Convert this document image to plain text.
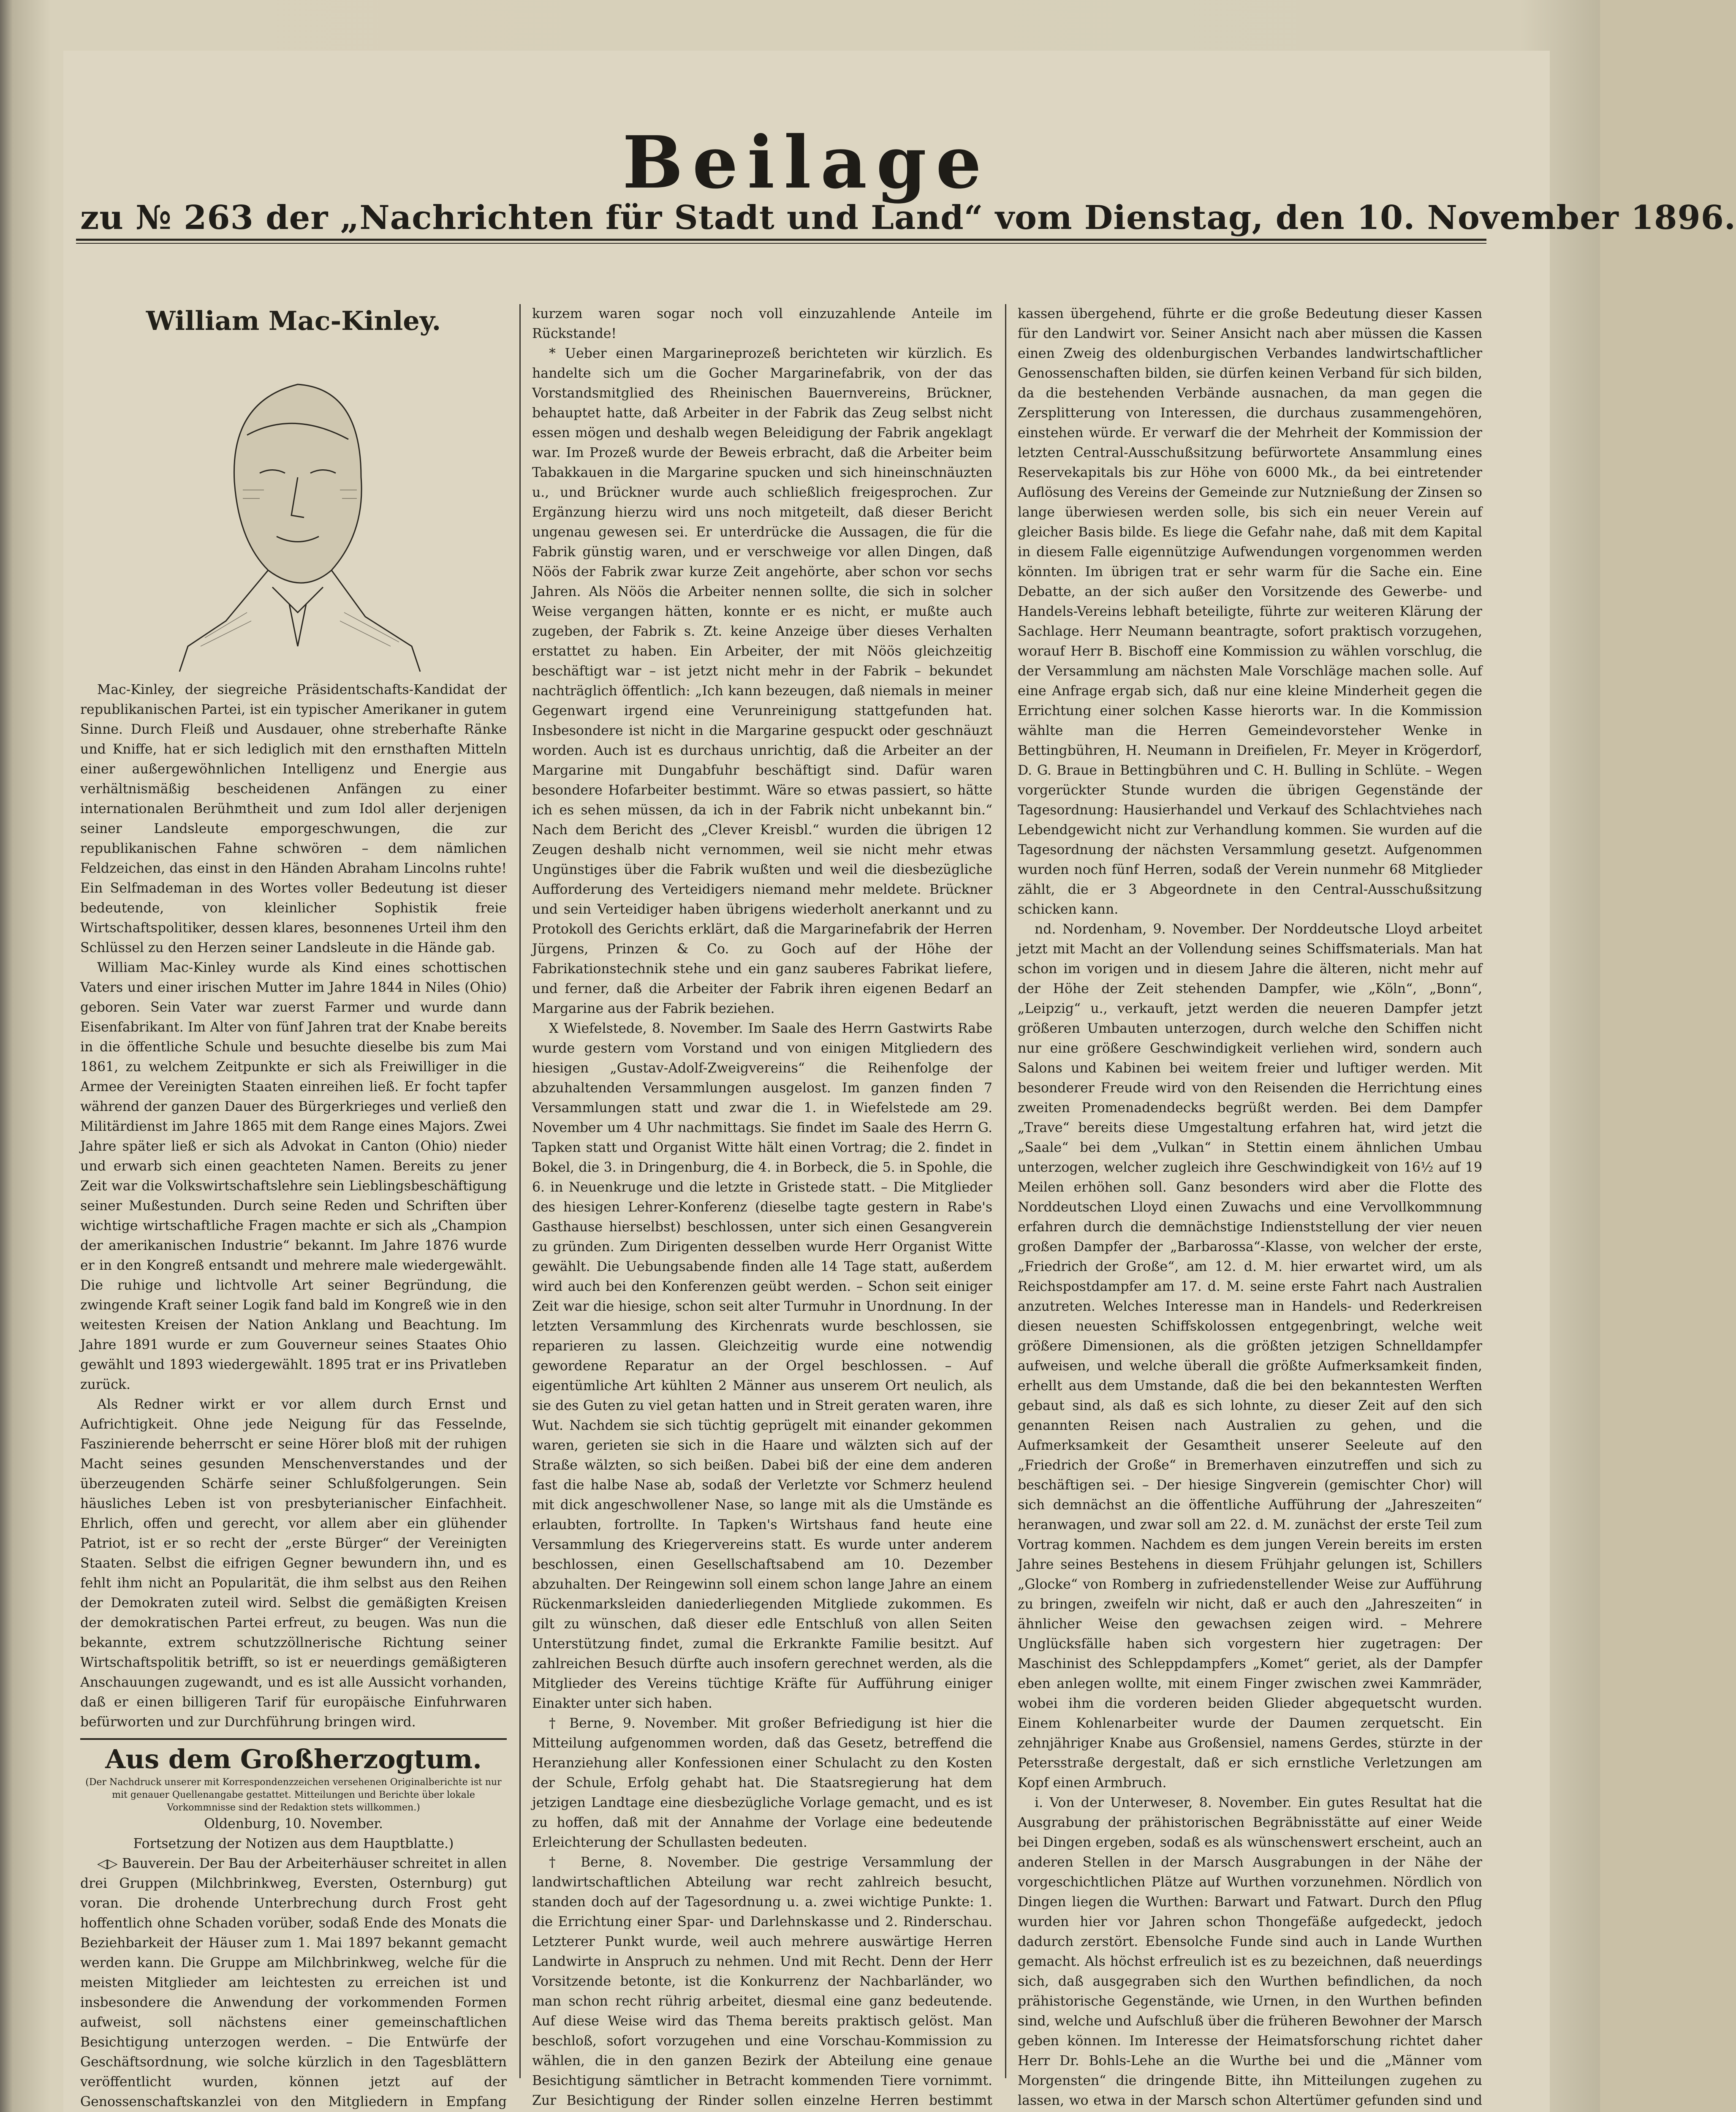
Beilage
zu № 263 der „Nachrichten für Stadt und Land“ vom Dienstag, den 10. November 1896.
William Mac-Kinley.

Mac-Kinley, der siegreiche Präsidentschafts-Kandidat der republikanischen Partei, ist ein typischer Amerikaner in gutem Sinne. Durch Fleiß und Ausdauer, ohne streberhafte Ränke und Kniffe, hat er sich lediglich mit den ernsthaften Mitteln einer außergewöhnlichen Intelligenz und Energie aus verhältnismäßig bescheidenen Anfängen zu einer internationalen Berühmtheit und zum Idol aller derjenigen seiner Landsleute emporgeschwungen, die zur republikanischen Fahne schwören – dem nämlichen Feldzeichen, das einst in den Händen Abraham Lincolns ruhte! Ein Selfmademan in des Wortes voller Bedeutung ist dieser bedeutende, von kleinlicher Sophistik freie Wirtschaftspolitiker, dessen klares, besonnenes Urteil ihm den Schlüssel zu den Herzen seiner Landsleute in die Hände gab.

William Mac-Kinley wurde als Kind eines schottischen Vaters und einer irischen Mutter im Jahre 1844 in Niles (Ohio) geboren. Sein Vater war zuerst Farmer und wurde dann Eisenfabrikant. Im Alter von fünf Jahren trat der Knabe bereits in die öffentliche Schule und besuchte dieselbe bis zum Mai 1861, zu welchem Zeitpunkte er sich als Freiwilliger in die Armee der Vereinigten Staaten einreihen ließ. Er focht tapfer während der ganzen Dauer des Bürgerkrieges und verließ den Militärdienst im Jahre 1865 mit dem Range eines Majors. Zwei Jahre später ließ er sich als Advokat in Canton (Ohio) nieder und erwarb sich einen geachteten Namen. Bereits zu jener Zeit war die Volkswirtschaftslehre sein Lieblingsbeschäftigung seiner Mußestunden. Durch seine Reden und Schriften über wichtige wirtschaftliche Fragen machte er sich als „Champion der amerikanischen Industrie“ bekannt. Im Jahre 1876 wurde er in den Kongreß entsandt und mehrere male wiedergewählt. Die ruhige und lichtvolle Art seiner Begründung, die zwingende Kraft seiner Logik fand bald im Kongreß wie in den weitesten Kreisen der Nation Anklang und Beachtung. Im Jahre 1891 wurde er zum Gouverneur seines Staates Ohio gewählt und 1893 wiedergewählt. 1895 trat er ins Privatleben zurück.

Als Redner wirkt er vor allem durch Ernst und Aufrichtigkeit. Ohne jede Neigung für das Fesselnde, Faszinierende beherrscht er seine Hörer bloß mit der ruhigen Macht seines gesunden Menschenverstandes und der überzeugenden Schärfe seiner Schlußfolgerungen. Sein häusliches Leben ist von presbyterianischer Einfachheit. Ehrlich, offen und gerecht, vor allem aber ein glühender Patriot, ist er so recht der „erste Bürger“ der Vereinigten Staaten. Selbst die eifrigen Gegner bewundern ihn, und es fehlt ihm nicht an Popularität, die ihm selbst aus den Reihen der Demokraten zuteil wird. Selbst die gemäßigten Kreisen der demokratischen Partei erfreut, zu beugen. Was nun die bekannte, extrem schutzzöllnerische Richtung seiner Wirtschaftspolitik betrifft, so ist er neuerdings gemäßigteren Anschauungen zugewandt, und es ist alle Aussicht vorhanden, daß er einen billigeren Tarif für europäische Einfuhrwaren befürworten und zur Durchführung bringen wird.

Aus dem Großherzogtum.
(Der Nachdruck unserer mit Korrespondenzzeichen versehenen Originalberichte ist nur mit genauer Quellenangabe gestattet. Mitteilungen und Berichte über lokale Vorkommnisse sind der Redaktion stets willkommen.)
Oldenburg, 10. November.
Fortsetzung der Notizen aus dem Hauptblatte.)

◁▷ Bauverein. Der Bau der Arbeiterhäuser schreitet in allen drei Gruppen (Milchbrinkweg, Eversten, Osternburg) gut voran. Die drohende Unterbrechung durch Frost geht hoffentlich ohne Schaden vorüber, sodaß Ende des Monats die Beziehbarkeit der Häuser zum 1. Mai 1897 bekannt gemacht werden kann. Die Gruppe am Milchbrinkweg, welche für die meisten Mitglieder am leichtesten zu erreichen ist und insbesondere die Anwendung der vorkommenden Formen aufweist, soll nächstens einer gemeinschaftlichen Besichtigung unterzogen werden. – Die Entwürfe der Geschäftsordnung, wie solche kürzlich in den Tagesblättern veröffentlicht wurden, können jetzt auf der Genossenschaftskanzlei von den Mitgliedern in Empfang

kurzem waren sogar noch voll einzuzahlende Anteile im Rückstande!

* Ueber einen Margarineprozeß berichteten wir kürzlich. Es handelte sich um die Gocher Margarinefabrik, von der das Vorstandsmitglied des Rheinischen Bauernvereins, Brückner, behauptet hatte, daß Arbeiter in der Fabrik das Zeug selbst nicht essen mögen und deshalb wegen Beleidigung der Fabrik angeklagt war. Im Prozeß wurde der Beweis erbracht, daß die Arbeiter beim Tabakkauen in die Margarine spucken und sich hineinschnäuzten u., und Brückner wurde auch schließlich freigesprochen. Zur Ergänzung hierzu wird uns noch mitgeteilt, daß dieser Bericht ungenau gewesen sei. Er unterdrücke die Aussagen, die für die Fabrik günstig waren, und er verschweige vor allen Dingen, daß Nöös der Fabrik zwar kurze Zeit angehörte, aber schon vor sechs Jahren. Als Nöös die Arbeiter nennen sollte, die sich in solcher Weise vergangen hätten, konnte er es nicht, er mußte auch zugeben, der Fabrik s. Zt. keine Anzeige über dieses Verhalten erstattet zu haben. Ein Arbeiter, der mit Nöös gleichzeitig beschäftigt war – ist jetzt nicht mehr in der Fabrik – bekundet nachträglich öffentlich: „Ich kann bezeugen, daß niemals in meiner Gegenwart irgend eine Verunreinigung stattgefunden hat. Insbesondere ist nicht in die Margarine gespuckt oder geschnäuzt worden. Auch ist es durchaus unrichtig, daß die Arbeiter an der Margarine mit Dungabfuhr beschäftigt sind. Dafür waren besondere Hofarbeiter bestimmt. Wäre so etwas passiert, so hätte ich es sehen müssen, da ich in der Fabrik nicht unbekannt bin.“ Nach dem Bericht des „Clever Kreisbl.“ wurden die übrigen 12 Zeugen deshalb nicht vernommen, weil sie nicht mehr etwas Ungünstiges über die Fabrik wußten und weil die diesbezügliche Aufforderung des Verteidigers niemand mehr meldete. Brückner und sein Verteidiger haben übrigens wiederholt anerkannt und zu Protokoll des Gerichts erklärt, daß die Margarinefabrik der Herren Jürgens, Prinzen & Co. zu Goch auf der Höhe der Fabrikationstechnik stehe und ein ganz sauberes Fabrikat liefere, und ferner, daß die Arbeiter der Fabrik ihren eigenen Bedarf an Margarine aus der Fabrik beziehen.

X Wiefelstede, 8. November. Im Saale des Herrn Gastwirts Rabe wurde gestern vom Vorstand und von einigen Mitgliedern des hiesigen „Gustav-Adolf-Zweigvereins“ die Reihenfolge der abzuhaltenden Versammlungen ausgelost. Im ganzen finden 7 Versammlungen statt und zwar die 1. in Wiefelstede am 29. November um 4 Uhr nachmittags. Sie findet im Saale des Herrn G. Tapken statt und Organist Witte hält einen Vortrag; die 2. findet in Bokel, die 3. in Dringenburg, die 4. in Borbeck, die 5. in Spohle, die 6. in Neuenkruge und die letzte in Gristede statt. – Die Mitglieder des hiesigen Lehrer-Konferenz (dieselbe tagte gestern in Rabe's Gasthause hierselbst) beschlossen, unter sich einen Gesangverein zu gründen. Zum Dirigenten desselben wurde Herr Organist Witte gewählt. Die Uebungsabende finden alle 14 Tage statt, außerdem wird auch bei den Konferenzen geübt werden. – Schon seit einiger Zeit war die hiesige, schon seit alter Turmuhr in Unordnung. In der letzten Versammlung des Kirchenrats wurde beschlossen, sie reparieren zu lassen. Gleichzeitig wurde eine notwendig gewordene Reparatur an der Orgel beschlossen. – Auf eigentümliche Art kühlten 2 Männer aus unserem Ort neulich, als sie des Guten zu viel getan hatten und in Streit geraten waren, ihre Wut. Nachdem sie sich tüchtig geprügelt mit einander gekommen waren, gerieten sie sich in die Haare und wälzten sich auf der Straße wälzten, so sich beißen. Dabei biß der eine dem anderen fast die halbe Nase ab, sodaß der Verletzte vor Schmerz heulend mit dick angeschwollener Nase, so lange mit als die Umstände es erlaubten, fortrollte. In Tapken's Wirtshaus fand heute eine Versammlung des Kriegervereins statt. Es wurde unter anderem beschlossen, einen Gesellschaftsabend am 10. Dezember abzuhalten. Der Reingewinn soll einem schon lange Jahre an einem Rückenmarksleiden daniederliegenden Mitgliede zukommen. Es gilt zu wünschen, daß dieser edle Entschluß von allen Seiten Unterstützung findet, zumal die Erkrankte Familie besitzt. Auf zahlreichen Besuch dürfte auch insofern gerechnet werden, als die Mitglieder des Vereins tüchtige Kräfte für Aufführung einiger Einakter unter sich haben.

† Berne, 9. November. Mit großer Befriedigung ist hier die Mitteilung aufgenommen worden, daß das Gesetz, betreffend die Heranziehung aller Konfessionen einer Schulacht zu den Kosten der Schule, Erfolg gehabt hat. Die Staatsregierung hat dem jetzigen Landtage eine diesbezügliche Vorlage gemacht, und es ist zu hoffen, daß mit der Annahme der Vorlage eine bedeutende Erleichterung der Schullasten bedeuten.

† Berne, 8. November. Die gestrige Versammlung der landwirtschaftlichen Abteilung war recht zahlreich besucht, standen doch auf der Tagesordnung u. a. zwei wichtige Punkte: 1. die Errichtung einer Spar- und Darlehnskasse und 2. Rinderschau. Letzterer Punkt wurde, weil auch mehrere auswärtige Herren Landwirte in Anspruch zu nehmen. Und mit Recht. Denn der Herr Vorsitzende betonte, ist die Konkurrenz der Nachbarländer, wo man schon recht rührig arbeitet, diesmal eine ganz bedeutende. Auf diese Weise wird das Thema bereits praktisch gelöst. Man beschloß, sofort vorzugehen und eine Vorschau-Kommission zu wählen, die in den ganzen Bezirk der Abteilung eine genaue Besichtigung sämtlicher in Betracht kommenden Tiere vornimmt. Zur Besichtigung der Rinder sollen einzelne Herren bestimmt

kassen übergehend, führte er die große Bedeutung dieser Kassen für den Landwirt vor. Seiner Ansicht nach aber müssen die Kassen einen Zweig des oldenburgischen Verbandes landwirtschaftlicher Genossenschaften bilden, sie dürfen keinen Verband für sich bilden, da die bestehenden Verbände ausnachen, da man gegen die Zersplitterung von Interessen, die durchaus zusammengehören, einstehen würde. Er verwarf die der Mehrheit der Kommission der letzten Central-Ausschußsitzung befürwortete Ansammlung eines Reservekapitals bis zur Höhe von 6000 Mk., da bei eintretender Auflösung des Vereins der Gemeinde zur Nutznießung der Zinsen so lange überwiesen werden solle, bis sich ein neuer Verein auf gleicher Basis bilde. Es liege die Gefahr nahe, daß mit dem Kapital in diesem Falle eigennützige Aufwendungen vorgenommen werden könnten. Im übrigen trat er sehr warm für die Sache ein. Eine Debatte, an der sich außer den Vorsitzende des Gewerbe- und Handels-Vereins lebhaft beteiligte, führte zur weiteren Klärung der Sachlage. Herr Neumann beantragte, sofort praktisch vorzugehen, worauf Herr B. Bischoff eine Kommission zu wählen vorschlug, die der Versammlung am nächsten Male Vorschläge machen solle. Auf eine Anfrage ergab sich, daß nur eine kleine Minderheit gegen die Errichtung einer solchen Kasse hierorts war. In die Kommission wählte man die Herren Gemeindevorsteher Wenke in Bettingbühren, H. Neumann in Dreifielen, Fr. Meyer in Krögerdorf, D. G. Braue in Bettingbühren und C. H. Bulling in Schlüte. – Wegen vorgerückter Stunde wurden die übrigen Gegenstände der Tagesordnung: Hausierhandel und Verkauf des Schlachtviehes nach Lebendgewicht nicht zur Verhandlung kommen. Sie wurden auf die Tagesordnung der nächsten Versammlung gesetzt. Aufgenommen wurden noch fünf Herren, sodaß der Verein nunmehr 68 Mitglieder zählt, die er 3 Abgeordnete in den Central-Ausschußsitzung schicken kann.

nd. Nordenham, 9. November. Der Norddeutsche Lloyd arbeitet jetzt mit Macht an der Vollendung seines Schiffsmaterials. Man hat schon im vorigen und in diesem Jahre die älteren, nicht mehr auf der Höhe der Zeit stehenden Dampfer, wie „Köln“, „Bonn“, „Leipzig“ u., verkauft, jetzt werden die neueren Dampfer jetzt größeren Umbauten unterzogen, durch welche den Schiffen nicht nur eine größere Geschwindigkeit verliehen wird, sondern auch Salons und Kabinen bei weitem freier und luftiger werden. Mit besonderer Freude wird von den Reisenden die Herrichtung eines zweiten Promenadendecks begrüßt werden. Bei dem Dampfer „Trave“ bereits diese Umgestaltung erfahren hat, wird jetzt die „Saale“ bei dem „Vulkan“ in Stettin einem ähnlichen Umbau unterzogen, welcher zugleich ihre Geschwindigkeit von 16½ auf 19 Meilen erhöhen soll. Ganz besonders wird aber die Flotte des Norddeutschen Lloyd einen Zuwachs und eine Vervollkommnung erfahren durch die demnächstige Indienststellung der vier neuen großen Dampfer der „Barbarossa“-Klasse, von welcher der erste, „Friedrich der Große“, am 12. d. M. hier erwartet wird, um als Reichspostdampfer am 17. d. M. seine erste Fahrt nach Australien anzutreten. Welches Interesse man in Handels- und Rederkreisen diesen neuesten Schiffskolossen entgegenbringt, welche weit größere Dimensionen, als die größten jetzigen Schnelldampfer aufweisen, und welche überall die größte Aufmerksamkeit finden, erhellt aus dem Umstande, daß die bei den bekanntesten Werften gebaut sind, als daß es sich lohnte, zu dieser Zeit auf den sich genannten Reisen nach Australien zu gehen, und die Aufmerksamkeit der Gesamtheit unserer Seeleute auf den „Friedrich der Große“ in Bremerhaven einzutreffen und sich zu beschäftigen sei. – Der hiesige Singverein (gemischter Chor) will sich demnächst an die öffentliche Aufführung der „Jahreszeiten“ heranwagen, und zwar soll am 22. d. M. zunächst der erste Teil zum Vortrag kommen. Nachdem es dem jungen Verein bereits im ersten Jahre seines Bestehens in diesem Frühjahr gelungen ist, Schillers „Glocke“ von Romberg in zufriedenstellender Weise zur Aufführung zu bringen, zweifeln wir nicht, daß er auch den „Jahreszeiten“ in ähnlicher Weise den gewachsen zeigen wird. – Mehrere Unglücksfälle haben sich vorgestern hier zugetragen: Der Maschinist des Schleppdampfers „Komet“ geriet, als der Dampfer eben anlegen wollte, mit einem Finger zwischen zwei Kammräder, wobei ihm die vorderen beiden Glieder abgequetscht wurden. Einem Kohlenarbeiter wurde der Daumen zerquetscht. Ein zehnjähriger Knabe aus Großensiel, namens Gerdes, stürzte in der Petersstraße dergestalt, daß er sich ernstliche Verletzungen am Kopf einen Armbruch.

i. Von der Unterweser, 8. November. Ein gutes Resultat hat die Ausgrabung der prähistorischen Begräbnisstätte auf einer Weide bei Dingen ergeben, sodaß es als wünschenswert erscheint, auch an anderen Stellen in der Marsch Ausgrabungen in der Nähe der vorgeschichtlichen Plätze auf Wurthen vorzunehmen. Nördlich von Dingen liegen die Wurthen: Barwart und Fatwart. Durch den Pflug wurden hier vor Jahren schon Thongefäße aufgedeckt, jedoch dadurch zerstört. Ebensolche Funde sind auch in Lande Wurthen gemacht. Als höchst erfreulich ist es zu bezeichnen, daß neuerdings sich, daß ausgegraben sich den Wurthen befindlichen, da noch prähistorische Gegenstände, wie Urnen, in den Wurthen befinden sind, welche und Aufschluß über die früheren Bewohner der Marsch geben können. Im Interesse der Heimatsforschung richtet daher Herr Dr. Bohls-Lehe an die Wurthe bei und die „Männer vom Morgensten“ die dringende Bitte, ihn Mitteilungen zugehen zu lassen, wo etwa in der Marsch schon Altertümer gefunden sind und
